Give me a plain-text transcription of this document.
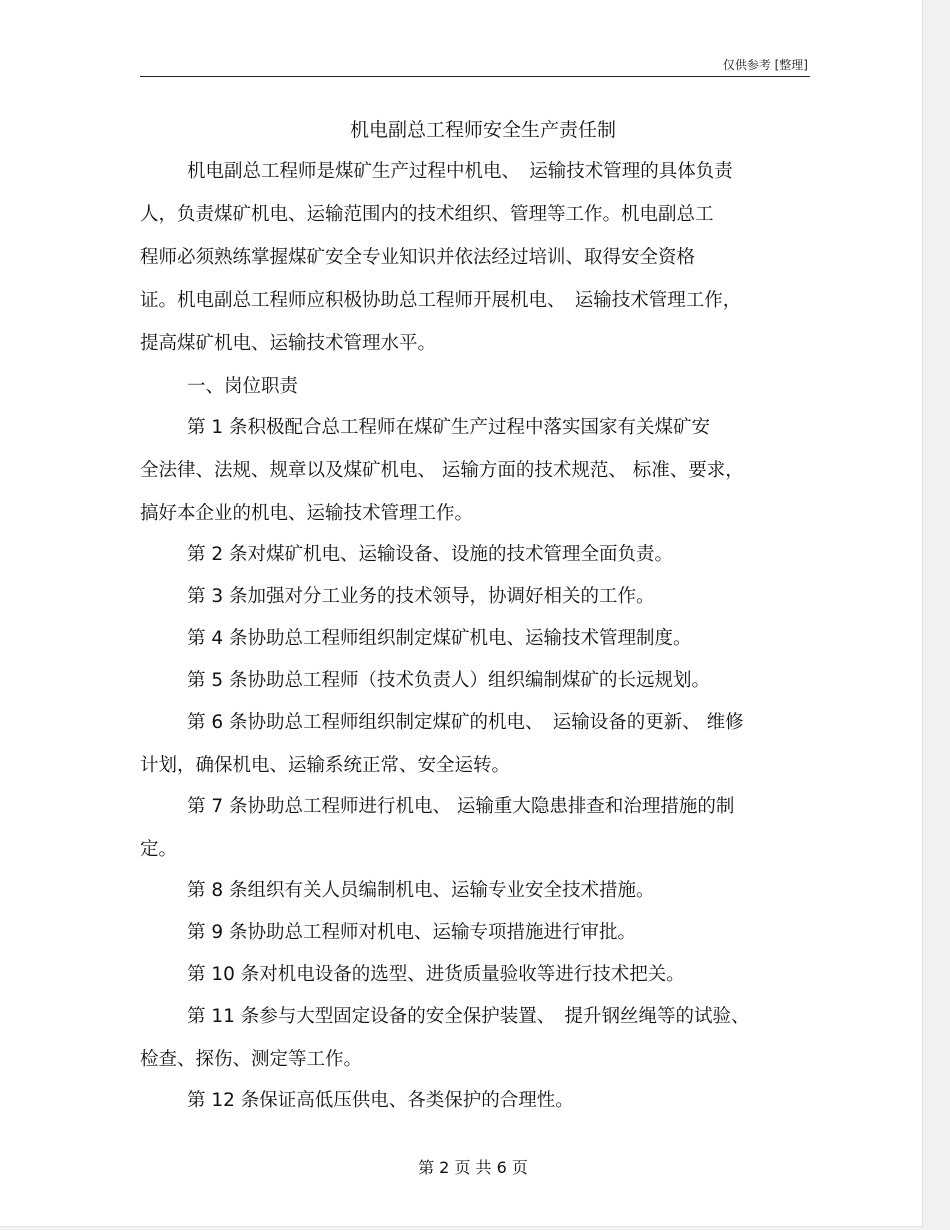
仅供参考 [整理]
机电副总工程师安全生产责任制
机电副总工程师是煤矿生产过程中机电、　运输技术管理的具体负责
人，负责煤矿机电、运输范围内的技术组织、管理等工作。机电副总工
程师必须熟练掌握煤矿安全专业知识并依法经过培训、取得安全资格
证。机电副总工程师应积极协助总工程师开展机电、　运输技术管理工作，
提高煤矿机电、运输技术管理水平。
一、岗位职责
第 1 条积极配合总工程师在煤矿生产过程中落实国家有关煤矿安
全法律、法规、规章以及煤矿机电、 运输方面的技术规范、 标准、要求，
搞好本企业的机电、运输技术管理工作。
第 2 条对煤矿机电、运输设备、设施的技术管理全面负责。
第 3 条加强对分工业务的技术领导，协调好相关的工作。
第 4 条协助总工程师组织制定煤矿机电、运输技术管理制度。
第 5 条协助总工程师（技术负责人）组织编制煤矿的长远规划。
第 6 条协助总工程师组织制定煤矿的机电、　运输设备的更新、 维修
计划，确保机电、运输系统正常、安全运转。
第 7 条协助总工程师进行机电、 运输重大隐患排查和治理措施的制
定。
第 8 条组织有关人员编制机电、运输专业安全技术措施。
第 9 条协助总工程师对机电、运输专项措施进行审批。
第 10 条对机电设备的选型、进货质量验收等进行技术把关。
第 11 条参与大型固定设备的安全保护装置、　提升钢丝绳等的试验、
检查、探伤、测定等工作。
第 12 条保证高低压供电、各类保护的合理性。
第 2 页 共 6 页
